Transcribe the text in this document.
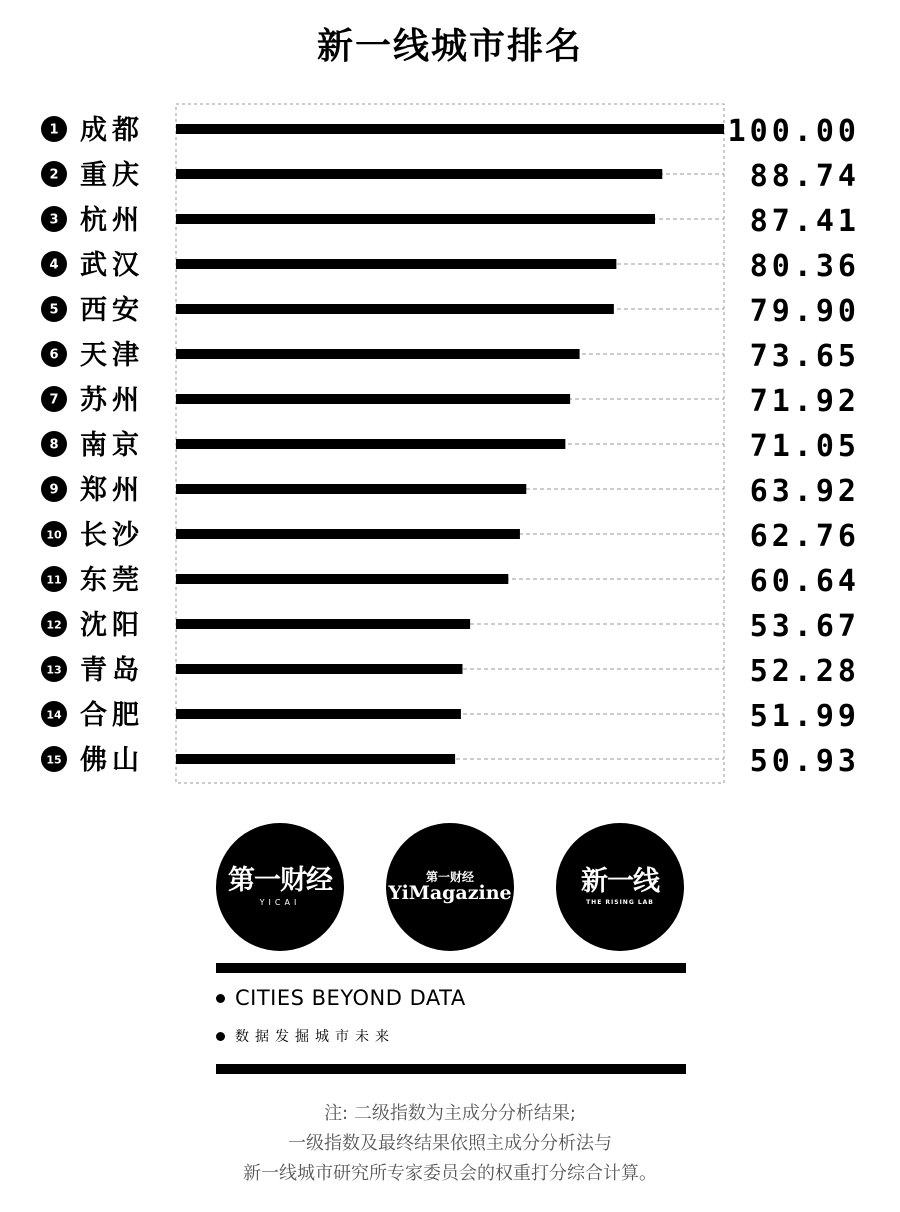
新一线城市排名
1 成都	100.00
2 重庆	88.74
3 杭州	87.41
4 武汉	80.36
5 西安	79.90
6 天津	73.65
7 苏州	71.92
8 南京	71.05
9 郑州	63.92
10 长沙	62.76
11 东莞	60.64
12 沈阳	53.67
13 青岛	52.28
14 合肥	51.99
15 佛山	50.93
第一财经
YICAI
第一财经
YiMagazine	新一线
THE RISING LAB
CITIES BEYOND DATA
数据发掘城市未来
注: 二级指数为主成分分析结果;
一级指数及最终结果依照主成分分析法与
新一线城市研究所专家委员会的权重打分综合计算。
